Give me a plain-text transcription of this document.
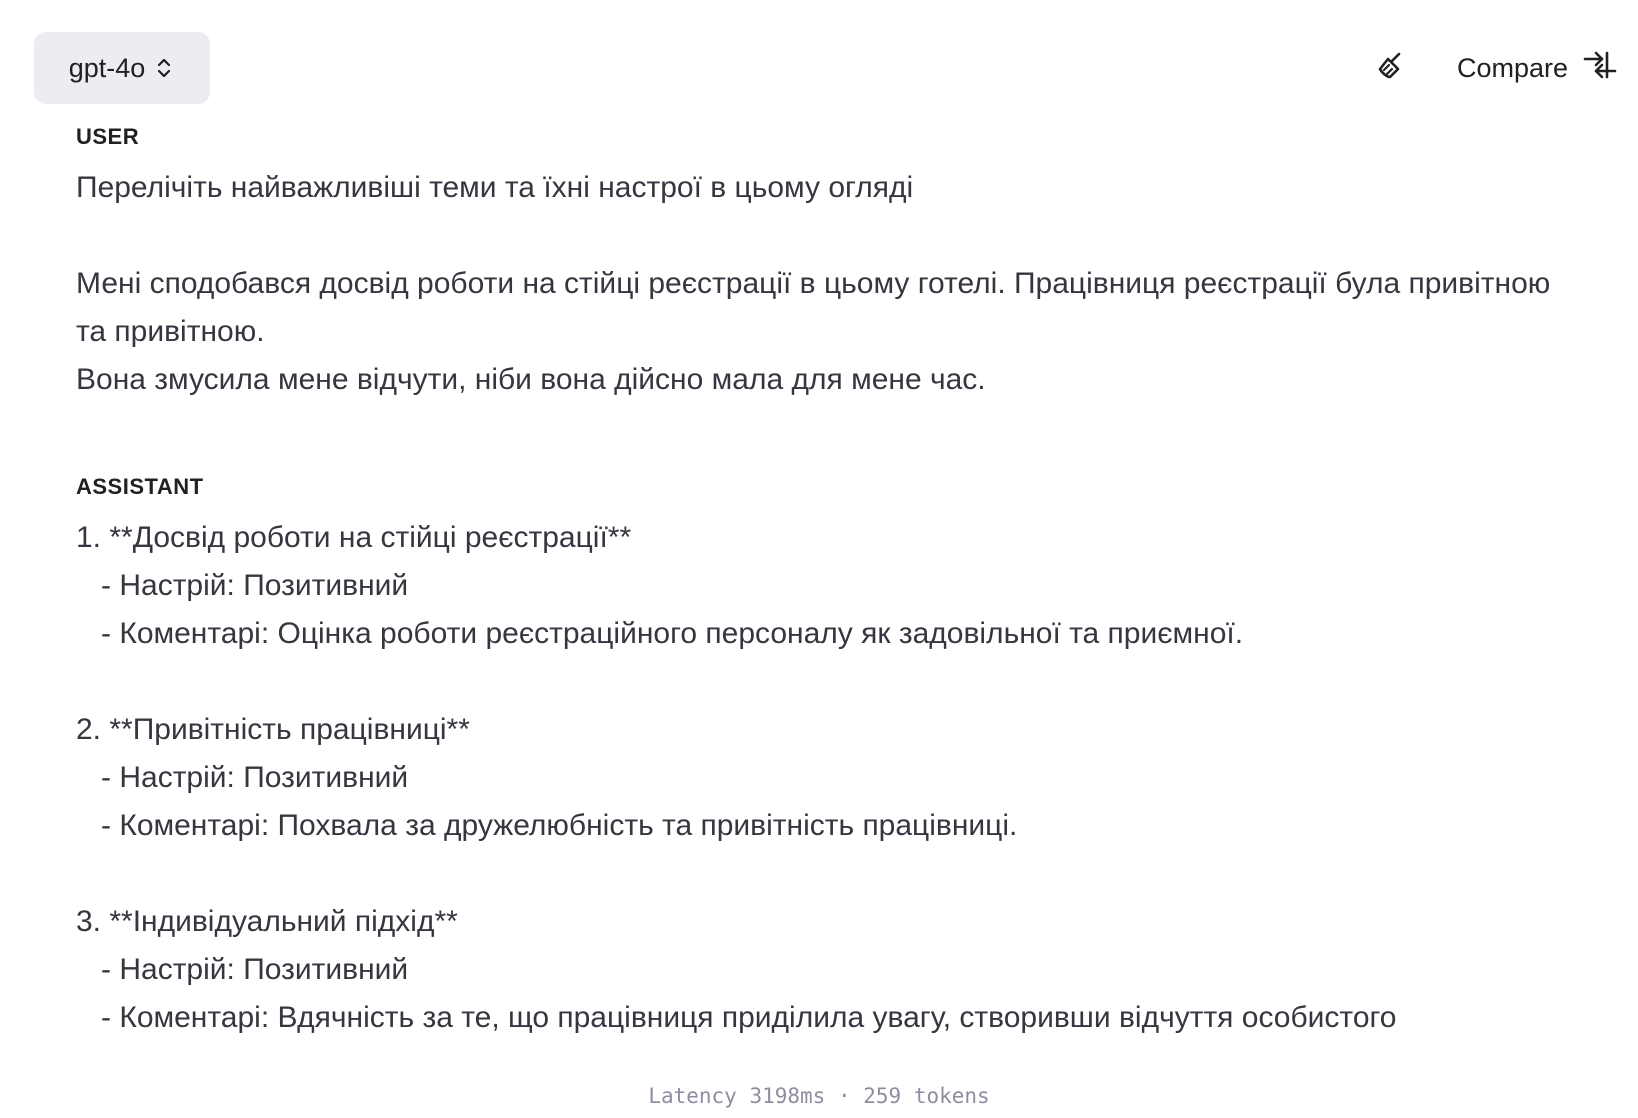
gpt-4o	Compare
USER
Перелічіть найважливіші теми та їхні настрої в цьому огляді

Мені сподобався досвід роботи на стійці реєстрації в цьому готелі. Працівниця реєстрації була привітною та привітною.
Вона змусила мене відчути, ніби вона дійсно мала для мене час.
ASSISTANT
1. **Досвід роботи на стійці реєстрації**
- Настрій: Позитивний
- Коментарі: Оцінка роботи реєстраційного персоналу як задовільної та приємної.

2. **Привітність працівниці**
- Настрій: Позитивний
- Коментарі: Похвала за дружелюбність та привітність працівниці.

3. **Індивідуальний підхід**
- Настрій: Позитивний
- Коментарі: Вдячність за те, що працівниця приділила увагу, створивши відчуття особистого
Latency 3198ms · 259 tokens
